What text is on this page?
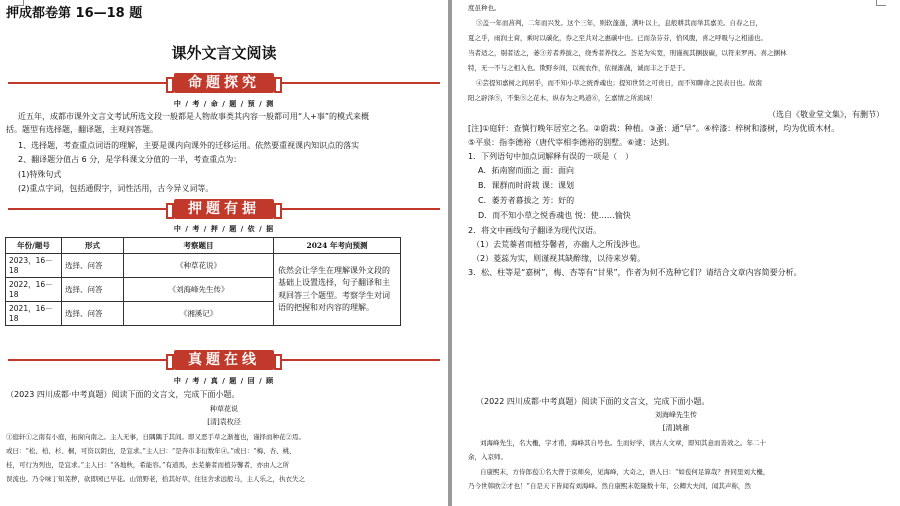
押成都卷第 16—18 题
课外文言文阅读
命题探究
中 / 考 / 命 / 题 / 预 / 测
近五年，成都市课外文言文考试所选文段一般都是人物故事类其内容一般都可用“人+事”的模式来概
括。题型有选择题，翻译题，主观问答题。
1、选择题，考查重点词语的理解，主要是课内向课外的迁移运用。依然要重视课内知识点的落实
2、翻译题分值占 6 分，是学科课文分值的一半，考查重点为：
(1)特殊句式
(2)重点字词，包括通假字，词性活用，古今异义词等。
押题有据
中 / 考 / 押 / 题 / 依 / 据
年份/题号	形式	考察题目	2024 年考向预测
2023，16－18	选择、问答	《种草花说》	依然会让学生在理解课外文段的基础上设置选择，句子翻译和主观回答三个题型。考察学生对词语的把握和对内容的理解。
2022，16－18	选择、问答	《刘海峰先生传》	
2021，16－18	选择、问答	《湘溪记》	
真题在线
中 / 考 / 真 / 题 / 回 / 顾
（2023 四川成都·中考真题）阅读下面的文言文，完成下面小题。
种草花说
[清]袁枚泾
①庭轩①之南有小庭，拓窗向南之。主人无事，日隅隅于其间。即又恶手草之渐蔓也，谨择而种花②焉。
或曰：“松、柏、杉、桐，可资以阴也，是宜求。”主人曰：“是奔市非衍数年④。”或曰：“梅、杏、桃、
桂，可行为列也，是宜求。”主人曰：“各地秋，希能容。”有道馬，去芜蓁者而植芬馨者，亦由人之所
误流也。乃令味丁知芜秽，砍即园已早花。山馆野老，拾其好草，往往舍求远般马，主人乐之，执衣失之
度虽种也。
③盖一年而菖判，二年而兴发。这个三年，则软蓬蓬，满叶以上，息般耕其而举其嘉美。自春之日，
夏之乎，雨润土膏，乘时以碳化，券之至共对之惠碳中也。已而杂芬芬，恰风腹，喜之呼吸与之相通也。
当者适之，剔者适之，萎③芳者养拔之，绕秀者养找之。荟芜为实宽，刑谨视其捆拔碳，以符来罗再。喜之捆林
特，无一不与之相入也。欺野乡间，以视农作，依视渐蔬，诚而丰之于是于。
④芸提知嘉树之间居乎，而不知小草之统香魂也；提知世贤之可贵日，而不知聊命之民表日也。故南
阳之辟泽⑤，不集⑤之花木，纵春为之鸣道⑥，乞嘉情之所流域！
（选自《敬业堂文集》，有删节）
[注]①庭轩：查慎行晚年居室之名。②蔚栽：种植。③蚤：通“早”。④梓漆：梓树和漆树，均为优质木材。
⑤平泉：指李德裕（唐代宰相李德裕的别墅。⑥逮：达到。
1．下列语句中加点词解释有误的一项是（　）
A．拓南窗而面之 面：面向
B．课群而时莳栽 课：课划
C．萎芳者暮拔之 芳：好的
D．而不知小草之悦香魂也 悦：使……愉快
2．将文中画线句子翻译为现代汉语。
（1）去荒蓁者而植芬馨者，亦幽人之所浅涉也。
（2）菱蕊为实，则谨视其缺醉缘，以待来岁菊。
3．松、柱等是“嘉树”，梅、杏等有“甘果”，作者为何不选种它们？请结合文章内容简要分析。
（2022 四川成都·中考真题）阅读下面的文言文，完成下面小题。
刘海峰先生传
[清]姚鼐
刘海峰先生，名大櫆，字才甫，海峰其自号也。生而好学，读古人文章，即知其意而善效之。年二十
余，入京师。
自康熙末，方侍郎苞①名大曾于京师矣，见海峰，大奇之，语人曰：“如苞何足算哉？吾同里刘大櫆，
乃今世韩欧②才也！”自是天下皆闻有刘海峰。然自康熙末乾隆数十年，公卿大夫间，闻其声称，然
